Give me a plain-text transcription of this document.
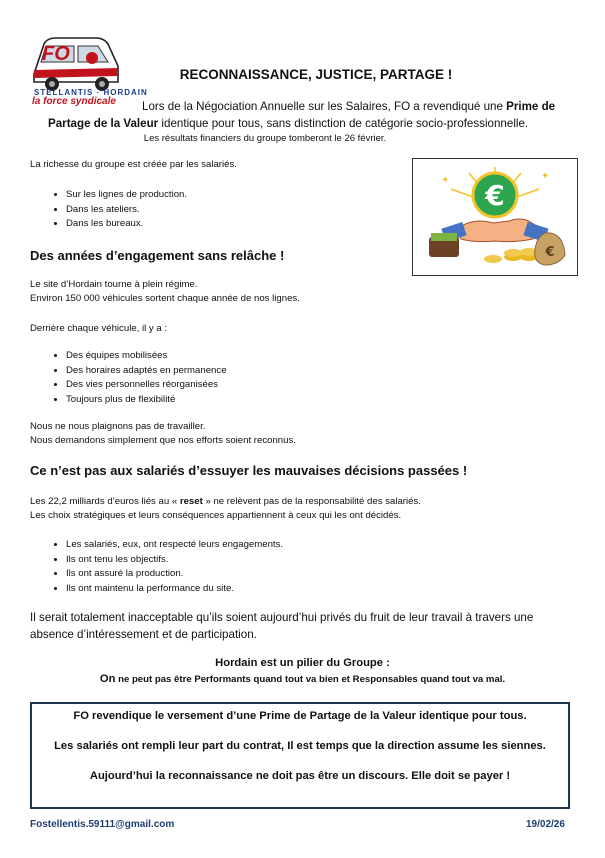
FO
STELLANTIS · HORDAIN
la force syndicale
RECONNAISSANCE, JUSTICE, PARTAGE !
Lors de la Négociation Annuelle sur les Salaires, FO a revendiqué une Prime de
Partage de la Valeur identique pour tous, sans distinction de catégorie socio-professionnelle.
Les résultats financiers du groupe tomberont le 26 février.
La richesse du groupe est créée par les salariés.
• Sur les lignes de production.
• Dans les ateliers.
• Dans les bureaux.
€
€
✦	✦
Des années d’engagement sans relâche !
Le site d’Hordain tourne à plein régime.
Environ 150 000 véhicules sortent chaque année de nos lignes.
Derrière chaque véhicule, il y a :
• Des équipes mobilisées
• Des horaires adaptés en permanence
• Des vies personnelles réorganisées
• Toujours plus de flexibilité
Nous ne nous plaignons pas de travailler.
Nous demandons simplement que nos efforts soient reconnus.
Ce n’est pas aux salariés d’essuyer les mauvaises décisions passées !
Les 22,2 milliards d’euros liés au « reset » ne relèvent pas de la responsabilité des salariés.
Les choix stratégiques et leurs conséquences appartiennent à ceux qui les ont décidés.
• Les salariés, eux, ont respecté leurs engagements.
• Ils ont tenu les objectifs.
• Ils ont assuré la production.
• Ils ont maintenu la performance du site.
Il serait totalement inacceptable qu’ils soient aujourd’hui privés du fruit de leur travail à travers une absence d’intéressement et de participation.
Hordain est un pilier du Groupe :
On ne peut pas être Performants quand tout va bien et Responsables quand tout va mal.

FO revendique le versement d’une Prime de Partage de la Valeur identique pour tous.

Les salariés ont rempli leur part du contrat, Il est temps que la direction assume les siennes.

Aujourd’hui la reconnaissance ne doit pas être un discours. Elle doit se payer !

Fostellentis.59111@gmail.com	19/02/26
